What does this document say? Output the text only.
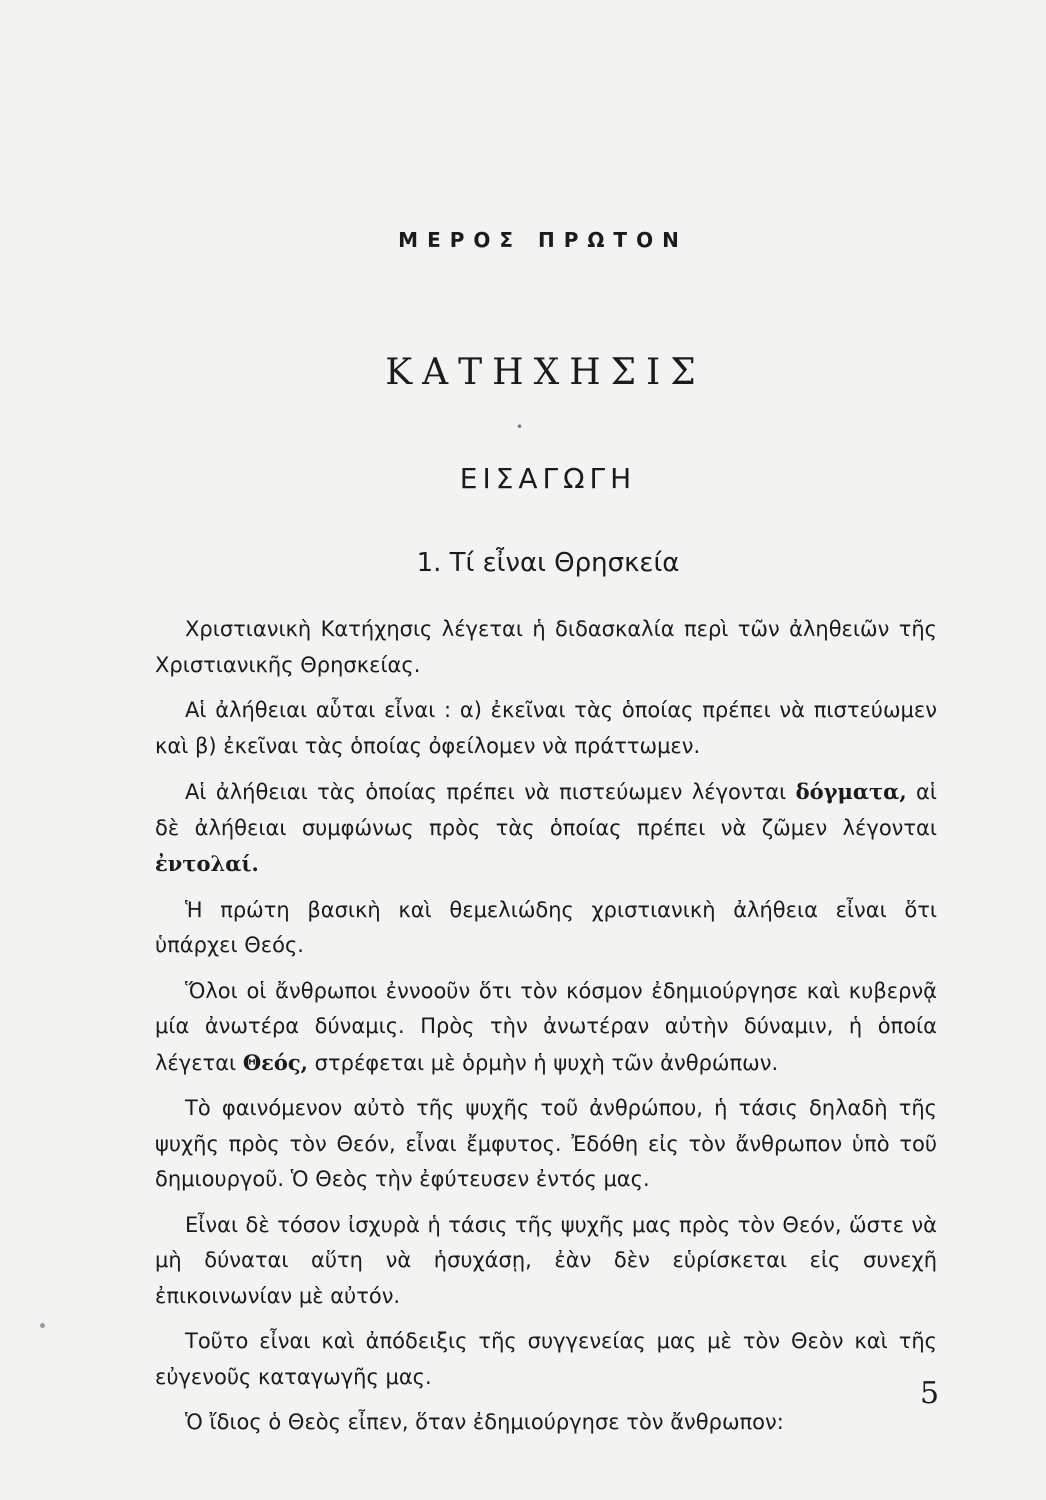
ΜΕΡΟΣ ΠΡΩΤΟΝ
ΚΑΤΗΧΗΣΙΣ
•
ΕΙΣΑΓΩΓΗ
1. Τί εἶναι Θρησκεία

Χριστιανικὴ Κατήχησις λέγεται ἡ διδασκαλία περὶ τῶν ἀληθειῶν τῆς Χριστιανικῆς Θρησκείας.

Αἱ ἀλήθειαι αὗται εἶναι : α) ἐκεῖναι τὰς ὁποίας πρέπει νὰ πιστεύωμεν καὶ β) ἐκεῖναι τὰς ὁποίας ὀφείλομεν νὰ πράττωμεν.

Αἱ ἀλήθειαι τὰς ὁποίας πρέπει νὰ πιστεύωμεν λέγονται δόγματα, αἱ δὲ ἀλήθειαι συμφώνως πρὸς τὰς ὁποίας πρέπει νὰ ζῶμεν λέγονται ἐντολαί.

Ἡ πρώτη βασικὴ καὶ θεμελιώδης χριστιανικὴ ἀλήθεια εἶναι ὅτι ὑπάρχει Θεός.

Ὅλοι οἱ ἄνθρωποι ἐννοοῦν ὅτι τὸν κόσμον ἐδημιούργησε καὶ κυβερνᾷ μία ἀνωτέρα δύναμις. Πρὸς τὴν ἀνωτέραν αὐτὴν δύναμιν, ἡ ὁποία λέγεται Θεός, στρέφεται μὲ ὁρμὴν ἡ ψυχὴ τῶν ἀνθρώπων.

Τὸ φαινόμενον αὐτὸ τῆς ψυχῆς τοῦ ἀνθρώπου, ἡ τάσις δηλαδὴ τῆς ψυχῆς πρὸς τὸν Θεόν, εἶναι ἔμφυτος. Ἐδόθη εἰς τὸν ἄνθρωπον ὑπὸ τοῦ δημιουργοῦ. Ὁ Θεὸς τὴν ἐφύτευσεν ἐντός μας.

Εἶναι δὲ τόσον ἰσχυρὰ ἡ τάσις τῆς ψυχῆς μας πρὸς τὸν Θεόν, ὥστε νὰ μὴ δύναται αὕτη νὰ ἡσυχάσῃ, ἐὰν δὲν εὑρίσκεται εἰς συνεχῆ ἐπικοινωνίαν μὲ αὐτόν.

Τοῦτο εἶναι καὶ ἀπόδειξις τῆς συγγενείας μας μὲ τὸν Θεὸν καὶ τῆς εὐγενοῦς καταγωγῆς μας.

Ὁ ἴδιος ὁ Θεὸς εἶπεν, ὅταν ἐδημιούργησε τὸν ἄνθρωπον:

5
